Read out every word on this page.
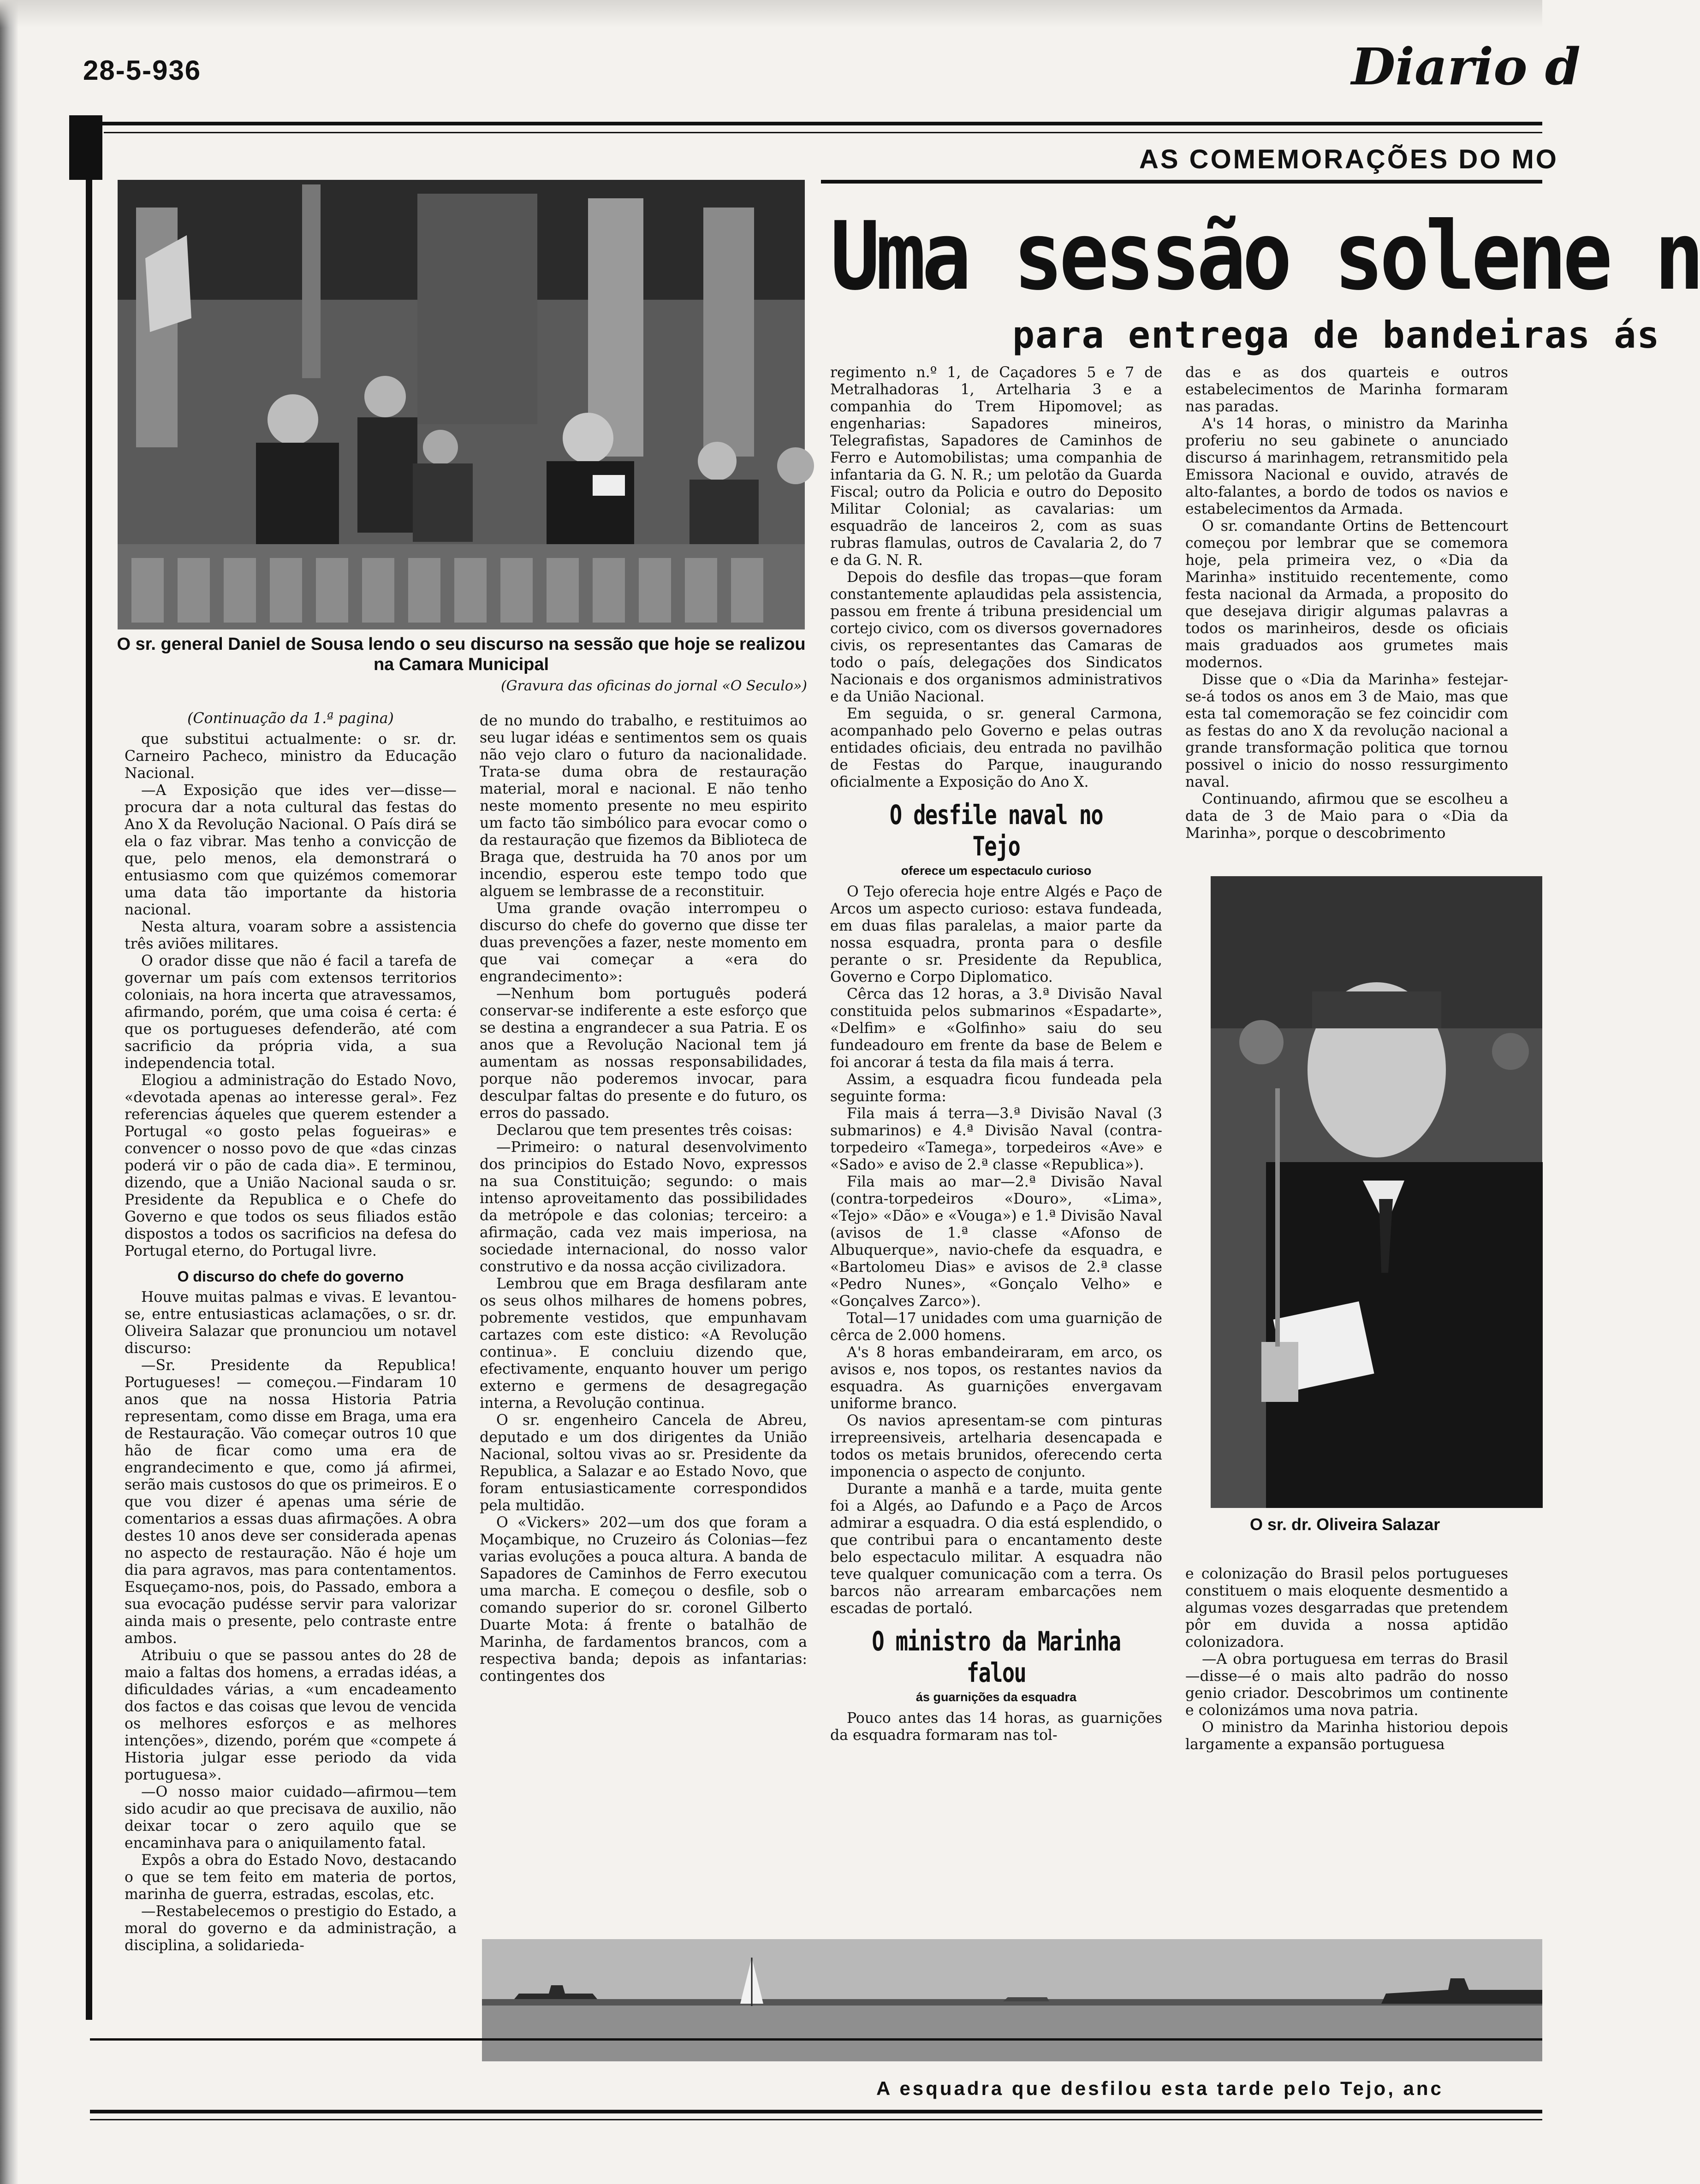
28-5-936	Diario d
AS COMEMORAÇÕES DO MO
Uma sessão solene n
para entrega de bandeiras ás
O sr. general Daniel de Sousa lendo o seu discurso na sessão que hoje se realizou na Camara Municipal
(Gravura das oficinas do jornal «O Seculo»)

(Continuação da 1.ª pagina)

que substitui actualmente: o sr. dr. Carneiro Pacheco, ministro da Educação Nacional.

—A Exposição que ides ver—disse—procura dar a nota cultural das festas do Ano X da Revolução Nacional. O País dirá se ela o faz vibrar. Mas tenho a convicção de que, pelo menos, ela demonstrará o entusiasmo com que quizémos comemorar uma data tão importante da historia nacional.

Nesta altura, voaram sobre a assistencia três aviões militares.

O orador disse que não é facil a tarefa de governar um país com extensos territorios coloniais, na hora incerta que atravessamos, afirmando, porém, que uma coisa é certa: é que os portugueses defenderão, até com sacrificio da própria vida, a sua independencia total.

Elogiou a administração do Estado Novo, «devotada apenas ao interesse geral». Fez referencias áqueles que querem estender a Portugal «o gosto pelas fogueiras» e convencer o nosso povo de que «das cinzas poderá vir o pão de cada dia». E terminou, dizendo, que a União Nacional sauda o sr. Presidente da Republica e o Chefe do Governo e que todos os seus filiados estão dispostos a todos os sacrificios na defesa do Portugal eterno, do Portugal livre.

O discurso do chefe do governo

Houve muitas palmas e vivas. E levantou-se, entre entusiasticas aclamações, o sr. dr. Oliveira Salazar que pronunciou um notavel discurso:

—Sr. Presidente da Republica! Portugueses! — começou.—Findaram 10 anos que na nossa Historia Patria representam, como disse em Braga, uma era de Restauração. Vão começar outros 10 que hão de ficar como uma era de engrandecimento e que, como já afirmei, serão mais custosos do que os primeiros. E o que vou dizer é apenas uma série de comentarios a essas duas afirmações. A obra destes 10 anos deve ser considerada apenas no aspecto de restauração. Não é hoje um dia para agravos, mas para contentamentos. Esqueçamo-nos, pois, do Passado, embora a sua evocação pudésse servir para valorizar ainda mais o presente, pelo contraste entre ambos.

Atribuiu o que se passou antes do 28 de maio a faltas dos homens, a erradas idéas, a dificuldades várias, a «um encadeamento dos factos e das coisas que levou de vencida os melhores esforços e as melhores intenções», dizendo, porém que «compete á Historia julgar esse periodo da vida portuguesa».

—O nosso maior cuidado—afirmou—tem sido acudir ao que precisava de auxilio, não deixar tocar o zero aquilo que se encaminhava para o aniquilamento fatal.

Expôs a obra do Estado Novo, destacando o que se tem feito em materia de portos, marinha de guerra, estradas, escolas, etc.

—Restabelecemos o prestigio do Estado, a moral do governo e da administração, a disciplina, a solidarieda-

de no mundo do trabalho, e restituimos ao seu lugar idéas e sentimentos sem os quais não vejo claro o futuro da nacionalidade. Trata-se duma obra de restauração material, moral e nacional. E não tenho neste momento presente no meu espirito um facto tão simbólico para evocar como o da restauração que fizemos da Biblioteca de Braga que, destruida ha 70 anos por um incendio, esperou este tempo todo que alguem se lembrasse de a reconstituir.

Uma grande ovação interrompeu o discurso do chefe do governo que disse ter duas prevenções a fazer, neste momento em que vai começar a «era do engrandecimento»:

—Nenhum bom português poderá conservar-se indiferente a este esforço que se destina a engrandecer a sua Patria. E os anos que a Revolução Nacional tem já aumentam as nossas responsabilidades, porque não poderemos invocar, para desculpar faltas do presente e do futuro, os erros do passado.

Declarou que tem presentes três coisas:

—Primeiro: o natural desenvolvimento dos principios do Estado Novo, expressos na sua Constituição; segundo: o mais intenso aproveitamento das possibilidades da metrópole e das colonias; terceiro: a afirmação, cada vez mais imperiosa, na sociedade internacional, do nosso valor construtivo e da nossa acção civilizadora.

Lembrou que em Braga desfilaram ante os seus olhos milhares de homens pobres, pobremente vestidos, que empunhavam cartazes com este distico: «A Revolução continua». E concluiu dizendo que, efectivamente, enquanto houver um perigo externo e germens de desagregação interna, a Revolução continua.

O sr. engenheiro Cancela de Abreu, deputado e um dos dirigentes da União Nacional, soltou vivas ao sr. Presidente da Republica, a Salazar e ao Estado Novo, que foram entusiasticamente correspondidos pela multidão.

O «Vickers» 202—um dos que foram a Moçambique, no Cruzeiro ás Colonias—fez varias evoluções a pouca altura. A banda de Sapadores de Caminhos de Ferro executou uma marcha. E começou o desfile, sob o comando superior do sr. coronel Gilberto Duarte Mota: á frente o batalhão de Marinha, de fardamentos brancos, com a respectiva banda; depois as infantarias: contingentes dos

regimento n.º 1, de Caçadores 5 e 7 de Metralhadoras 1, Artelharia 3 e a companhia do Trem Hipomovel; as engenharias: Sapadores mineiros, Telegrafistas, Sapadores de Caminhos de Ferro e Automobilistas; uma companhia de infantaria da G. N. R.; um pelotão da Guarda Fiscal; outro da Policia e outro do Deposito Militar Colonial; as cavalarias: um esquadrão de lanceiros 2, com as suas rubras flamulas, outros de Cavalaria 2, do 7 e da G. N. R.

Depois do desfile das tropas—que foram constantemente aplaudidas pela assistencia, passou em frente á tribuna presidencial um cortejo civico, com os diversos governadores civis, os representantes das Camaras de todo o país, delegações dos Sindicatos Nacionais e dos organismos administrativos e da União Nacional.

Em seguida, o sr. general Carmona, acompanhado pelo Governo e pelas outras entidades oficiais, deu entrada no pavilhão de Festas do Parque, inaugurando oficialmente a Exposição do Ano X.

O desfile naval no Tejo
oferece um espectaculo curioso

O Tejo oferecia hoje entre Algés e Paço de Arcos um aspecto curioso: estava fundeada, em duas filas paralelas, a maior parte da nossa esquadra, pronta para o desfile perante o sr. Presidente da Republica, Governo e Corpo Diplomatico.

Cêrca das 12 horas, a 3.ª Divisão Naval constituida pelos submarinos «Espadarte», «Delfim» e «Golfinho» saiu do seu fundeadouro em frente da base de Belem e foi ancorar á testa da fila mais á terra.

Assim, a esquadra ficou fundeada pela seguinte forma:

Fila mais á terra—3.ª Divisão Naval (3 submarinos) e 4.ª Divisão Naval (contra-torpedeiro «Tamega», torpedeiros «Ave» e «Sado» e aviso de 2.ª classe «Republica»).

Fila mais ao mar—2.ª Divisão Naval (contra-torpedeiros «Douro», «Lima», «Tejo» «Dão» e «Vouga») e 1.ª Divisão Naval (avisos de 1.ª classe «Afonso de Albuquerque», navio-chefe da esquadra, e «Bartolomeu Dias» e avisos de 2.ª classe «Pedro Nunes», «Gonçalo Velho» e «Gonçalves Zarco»).

Total—17 unidades com uma guarnição de cêrca de 2.000 homens.

A's 8 horas embandeiraram, em arco, os avisos e, nos topos, os restantes navios da esquadra. As guarnições envergavam uniforme branco.

Os navios apresentam-se com pinturas irrepreensiveis, artelharia desencapada e todos os metais brunidos, oferecendo certa imponencia o aspecto de conjunto.

Durante a manhã e a tarde, muita gente foi a Algés, ao Dafundo e a Paço de Arcos admirar a esquadra. O dia está esplendido, o que contribui para o encantamento deste belo espectaculo militar. A esquadra não teve qualquer comunicação com a terra. Os barcos não arrearam embarcações nem escadas de portaló.

O ministro da Marinha falou
ás guarnições da esquadra

Pouco antes das 14 horas, as guarnições da esquadra formaram nas tol-

das e as dos quarteis e outros estabelecimentos de Marinha formaram nas paradas.

A's 14 horas, o ministro da Marinha proferiu no seu gabinete o anunciado discurso á marinhagem, retransmitido pela Emissora Nacional e ouvido, através de alto-falantes, a bordo de todos os navios e estabelecimentos da Armada.

O sr. comandante Ortins de Bettencourt começou por lembrar que se comemora hoje, pela primeira vez, o «Dia da Marinha» instituido recentemente, como festa nacional da Armada, a proposito do que desejava dirigir algumas palavras a todos os marinheiros, desde os oficiais mais graduados aos grumetes mais modernos.

Disse que o «Dia da Marinha» festejar-se-á todos os anos em 3 de Maio, mas que esta tal comemoração se fez coincidir com as festas do ano X da revolução nacional a grande transformação politica que tornou possivel o inicio do nosso ressurgimento naval.

Continuando, afirmou que se escolheu a data de 3 de Maio para o «Dia da Marinha», porque o descobrimento

O sr. dr. Oliveira Salazar

e colonização do Brasil pelos portugueses constituem o mais eloquente desmentido a algumas vozes desgarradas que pretendem pôr em duvida a nossa aptidão colonizadora.

—A obra portuguesa em terras do Brasil—disse—é o mais alto padrão do nosso genio criador. Descobrimos um continente e colonizámos uma nova patria.

O ministro da Marinha historiou depois largamente a expansão portuguesa

A esquadra que desfilou esta tarde pelo Tejo, anc
